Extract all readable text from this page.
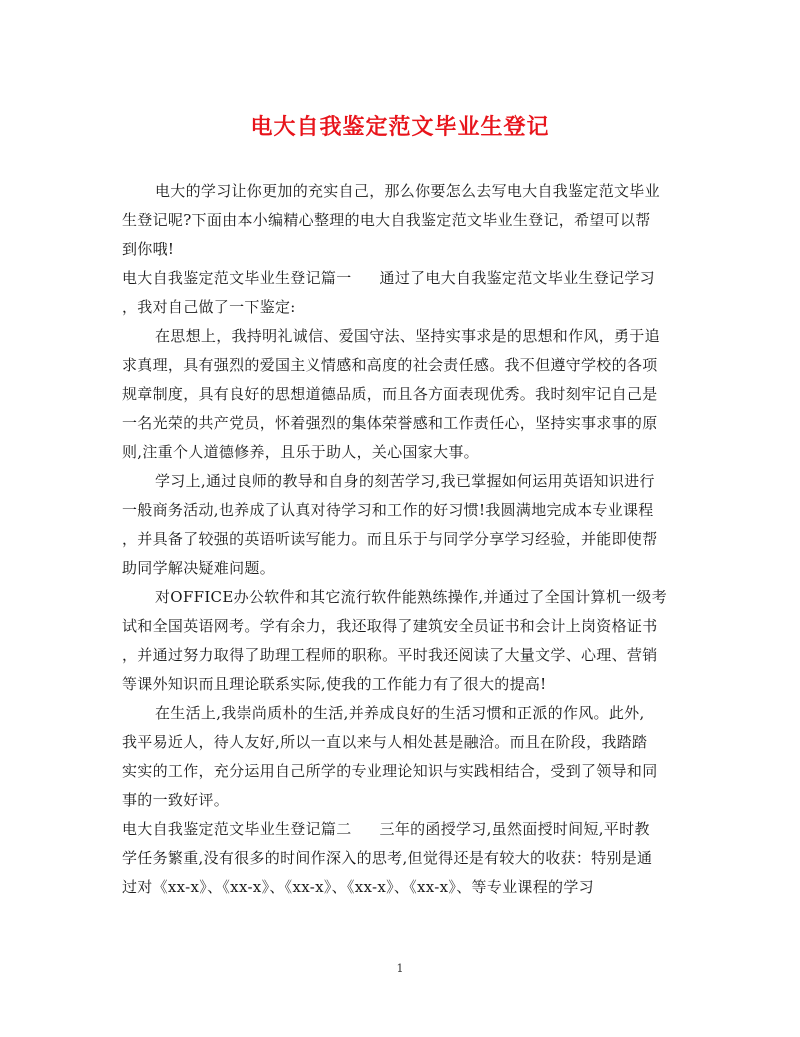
电大自我鉴定范文毕业生登记

电大的学习让你更加的充实自己，那么你要怎么去写电大自我鉴定范文毕业
生登记呢?下面由本小编精心整理的电大自我鉴定范文毕业生登记，希望可以帮
到你哦!

电大自我鉴定范文毕业生登记篇一 通过了电大自我鉴定范文毕业生登记学习
，我对自己做了一下鉴定:

在思想上，我持明礼诚信、爱国守法、坚持实事求是的思想和作风，勇于追
求真理，具有强烈的爱国主义情感和高度的社会责任感。我不但遵守学校的各项
规章制度，具有良好的思想道德品质，而且各方面表现优秀。我时刻牢记自己是
一名光荣的共产党员，怀着强烈的集体荣誉感和工作责任心，坚持实事求事的原
则,注重个人道德修养，且乐于助人，关心国家大事。

学习上,通过良师的教导和自身的刻苦学习,我已掌握如何运用英语知识进行
一般商务活动,也养成了认真对待学习和工作的好习惯!我圆满地完成本专业课程
，并具备了较强的英语听读写能力。而且乐于与同学分享学习经验，并能即使帮
助同学解决疑难问题。

对OFFICE办公软件和其它流行软件能熟练操作,并通过了全国计算机一级考
试和全国英语网考。学有余力，我还取得了建筑安全员证书和会计上岗资格证书
，并通过努力取得了助理工程师的职称。平时我还阅读了大量文学、心理、营销
等课外知识而且理论联系实际,使我的工作能力有了很大的提高!

在生活上,我崇尚质朴的生活,并养成良好的生活习惯和正派的作风。此外,
我平易近人，待人友好,所以一直以来与人相处甚是融洽。而且在阶段，我踏踏
实实的工作，充分运用自己所学的专业理论知识与实践相结合，受到了领导和同
事的一致好评。

电大自我鉴定范文毕业生登记篇二 三年的函授学习,虽然面授时间短,平时教
学任务繁重,没有很多的时间作深入的思考,但觉得还是有较大的收获：特别是通
过对《xx-x》、《xx-x》、《xx-x》、《xx-x》、《xx-x》、等专业课程的学习

1
